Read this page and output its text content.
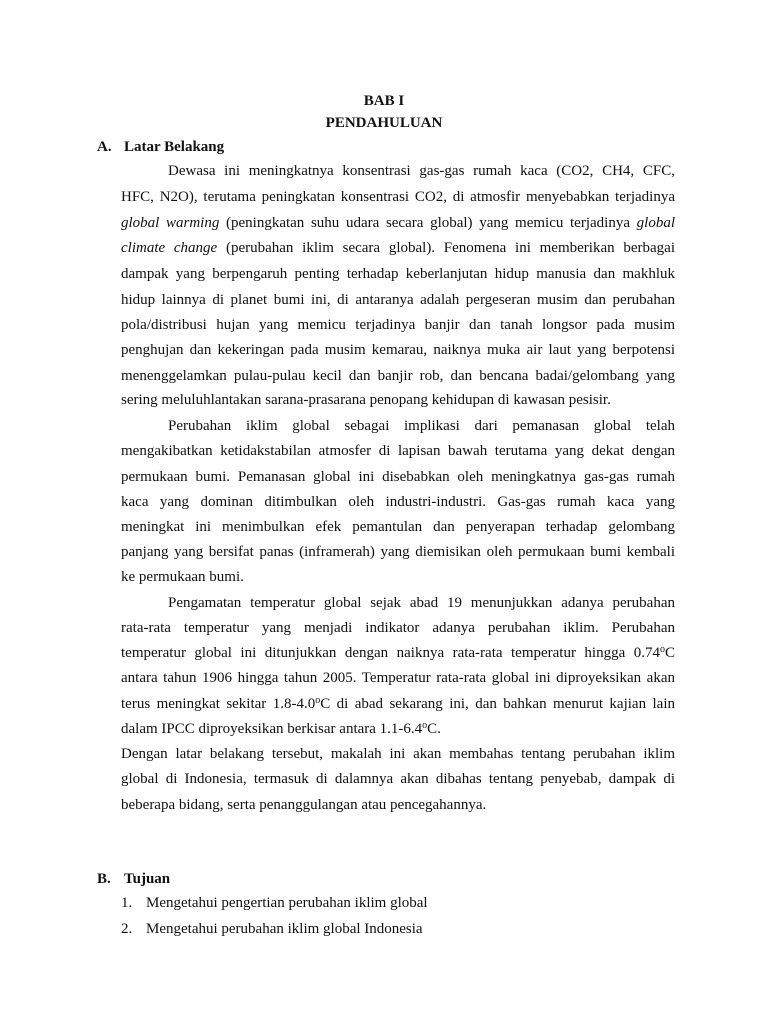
BAB I
PENDAHULUAN
A. Latar Belakang
Dewasa ini meningkatnya konsentrasi gas-gas rumah kaca (CO2, CH4, CFC,
HFC, N2O), terutama peningkatan konsentrasi CO2, di atmosfir menyebabkan terjadinya
global warming (peningkatan suhu udara secara global) yang memicu terjadinya global
climate change (perubahan iklim secara global). Fenomena ini memberikan berbagai
dampak yang berpengaruh penting terhadap keberlanjutan hidup manusia dan makhluk
hidup lainnya di planet bumi ini, di antaranya adalah pergeseran musim dan perubahan
pola/distribusi hujan yang memicu terjadinya banjir dan tanah longsor pada musim
penghujan dan kekeringan pada musim kemarau, naiknya muka air laut yang berpotensi
menenggelamkan pulau-pulau kecil dan banjir rob, dan bencana badai/gelombang yang
sering meluluhlantakan sarana-prasarana penopang kehidupan di kawasan pesisir.
Perubahan iklim global sebagai implikasi dari pemanasan global telah
mengakibatkan ketidakstabilan atmosfer di lapisan bawah terutama yang dekat dengan
permukaan bumi. Pemanasan global ini disebabkan oleh meningkatnya gas-gas rumah
kaca yang dominan ditimbulkan oleh industri-industri. Gas-gas rumah kaca yang
meningkat ini menimbulkan efek pemantulan dan penyerapan terhadap gelombang
panjang yang bersifat panas (inframerah) yang diemisikan oleh permukaan bumi kembali
ke permukaan bumi.
Pengamatan temperatur global sejak abad 19 menunjukkan adanya perubahan
rata-rata temperatur yang menjadi indikator adanya perubahan iklim. Perubahan
temperatur global ini ditunjukkan dengan naiknya rata-rata temperatur hingga 0.74$^o$C
antara tahun 1906 hingga tahun 2005. Temperatur rata-rata global ini diproyeksikan akan
terus meningkat sekitar 1.8-4.0$^o$C di abad sekarang ini, dan bahkan menurut kajian lain
dalam IPCC diproyeksikan berkisar antara 1.1-6.4$^o$C.
Dengan latar belakang tersebut, makalah ini akan membahas tentang perubahan iklim
global di Indonesia, termasuk di dalamnya akan dibahas tentang penyebab, dampak di
beberapa bidang, serta penanggulangan atau pencegahannya.
B. Tujuan
1. Mengetahui pengertian perubahan iklim global
2. Mengetahui perubahan iklim global Indonesia
